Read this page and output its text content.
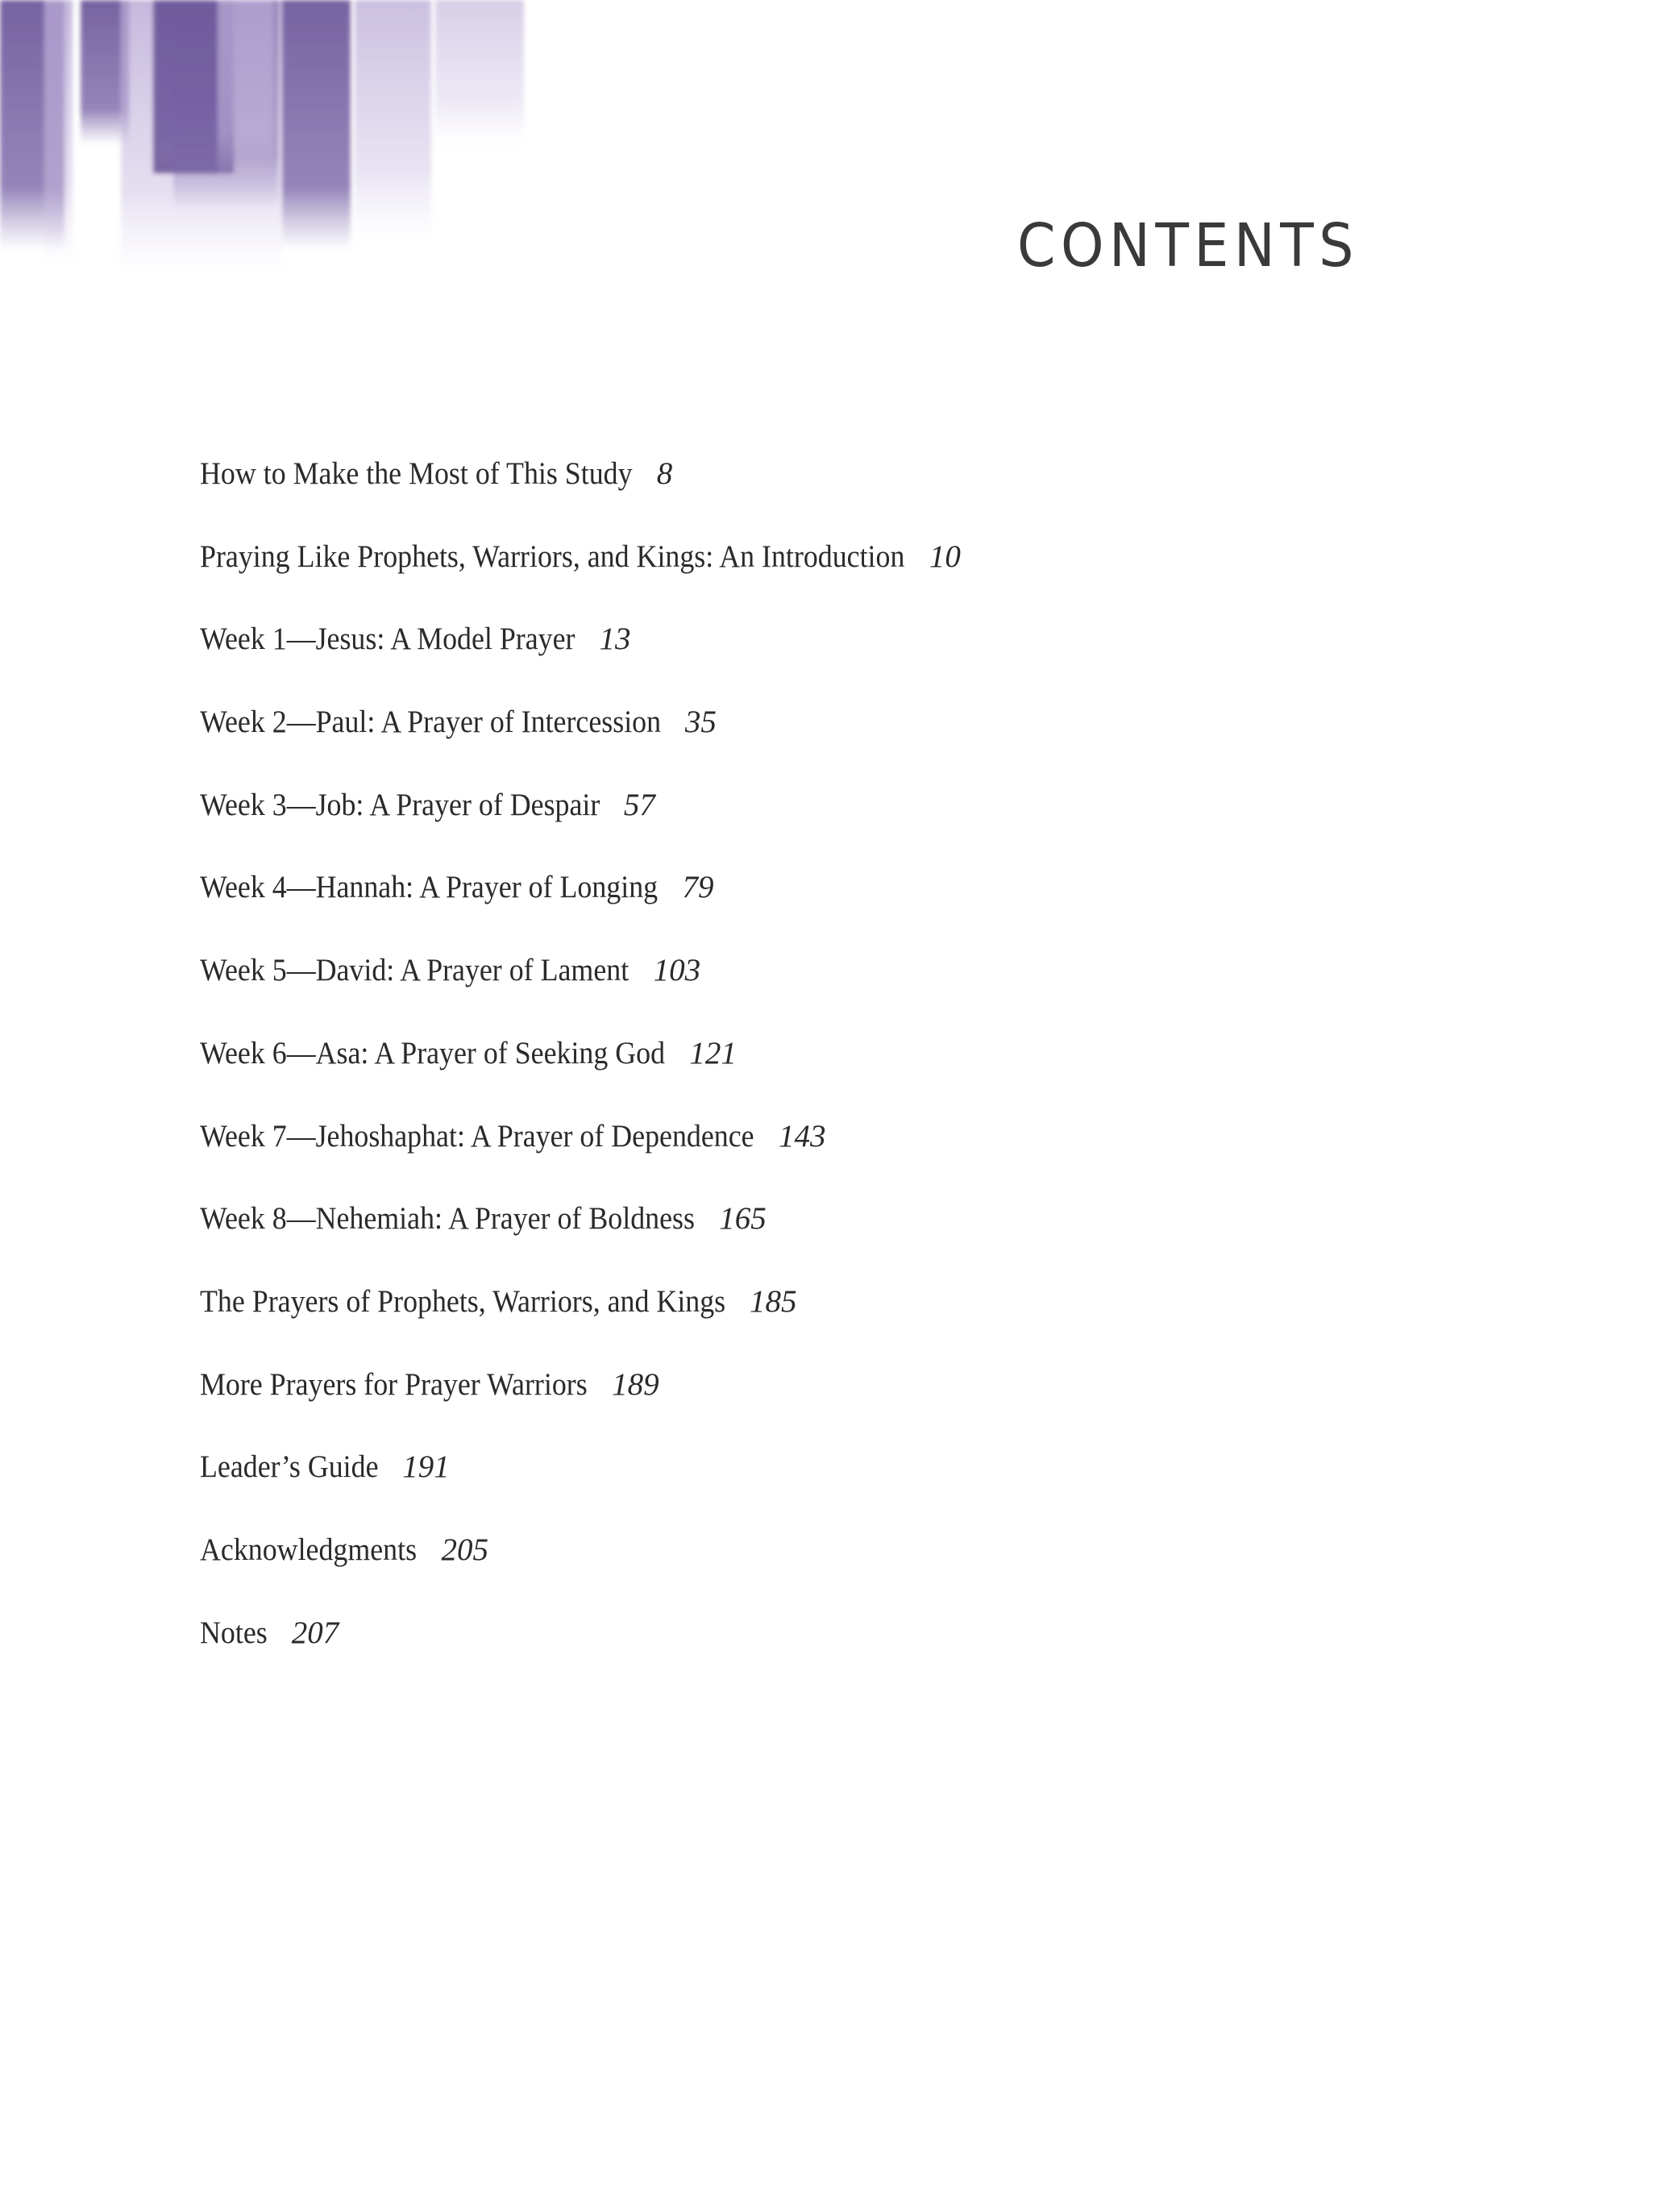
CONTENTS
How to Make the Most of This Study 8
Praying Like Prophets, Warriors, and Kings: An Introduction 10
Week 1—Jesus: A Model Prayer 13
Week 2—Paul: A Prayer of Intercession 35
Week 3—Job: A Prayer of Despair 57
Week 4—Hannah: A Prayer of Longing 79
Week 5—David: A Prayer of Lament 103
Week 6—Asa: A Prayer of Seeking God 121
Week 7—Jehoshaphat: A Prayer of Dependence 143
Week 8—Nehemiah: A Prayer of Boldness 165
The Prayers of Prophets, Warriors, and Kings 185
More Prayers for Prayer Warriors 189
Leader’s Guide 191
Acknowledgments 205
Notes 207
